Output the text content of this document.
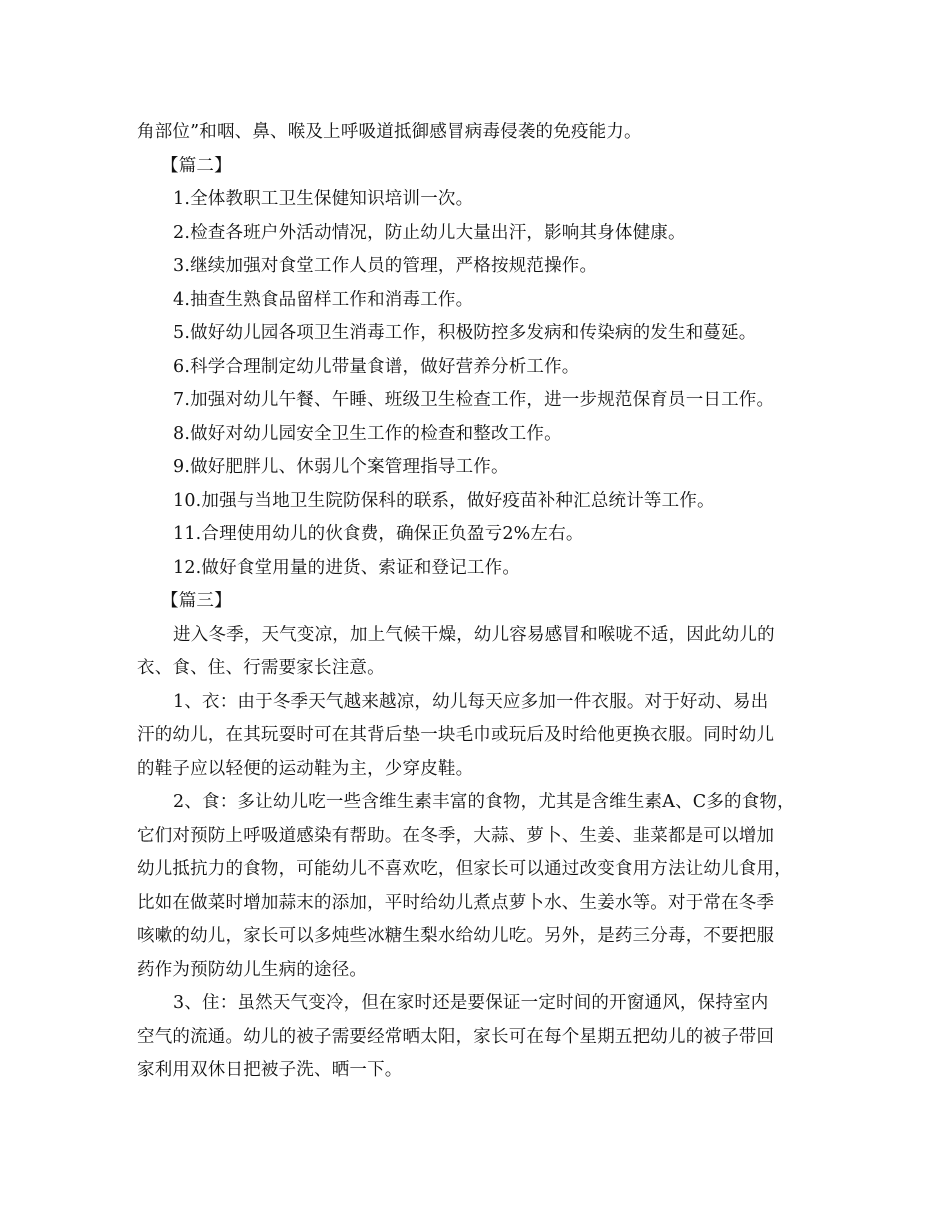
角部位”和咽、鼻、喉及上呼吸道抵御感冒病毒侵袭的免疫能力。
【篇二】
1.全体教职工卫生保健知识培训一次。
2.检查各班户外活动情况，防止幼儿大量出汗，影响其身体健康。
3.继续加强对食堂工作人员的管理，严格按规范操作。
4.抽查生熟食品留样工作和消毒工作。
5.做好幼儿园各项卫生消毒工作，积极防控多发病和传染病的发生和蔓延。
6.科学合理制定幼儿带量食谱，做好营养分析工作。
7.加强对幼儿午餐、午睡、班级卫生检查工作，进一步规范保育员一日工作。
8.做好对幼儿园安全卫生工作的检查和整改工作。
9.做好肥胖儿、休弱儿个案管理指导工作。
10.加强与当地卫生院防保科的联系，做好疫苗补种汇总统计等工作。
11.合理使用幼儿的伙食费，确保正负盈亏2%左右。
12.做好食堂用量的进货、索证和登记工作。
【篇三】
进入冬季，天气变凉，加上气候干燥，幼儿容易感冒和喉咙不适，因此幼儿的
衣、食、住、行需要家长注意。
1、衣：由于冬季天气越来越凉，幼儿每天应多加一件衣服。对于好动、易出
汗的幼儿，在其玩耍时可在其背后垫一块毛巾或玩后及时给他更换衣服。同时幼儿
的鞋子应以轻便的运动鞋为主，少穿皮鞋。
2、食：多让幼儿吃一些含维生素丰富的食物，尤其是含维生素A、C多的食物，
它们对预防上呼吸道感染有帮助。在冬季，大蒜、萝卜、生姜、韭菜都是可以增加
幼儿抵抗力的食物，可能幼儿不喜欢吃，但家长可以通过改变食用方法让幼儿食用，
比如在做菜时增加蒜末的添加，平时给幼儿煮点萝卜水、生姜水等。对于常在冬季
咳嗽的幼儿，家长可以多炖些冰糖生梨水给幼儿吃。另外，是药三分毒，不要把服
药作为预防幼儿生病的途径。
3、住：虽然天气变冷，但在家时还是要保证一定时间的开窗通风，保持室内
空气的流通。幼儿的被子需要经常晒太阳，家长可在每个星期五把幼儿的被子带回
家利用双休日把被子洗、晒一下。
